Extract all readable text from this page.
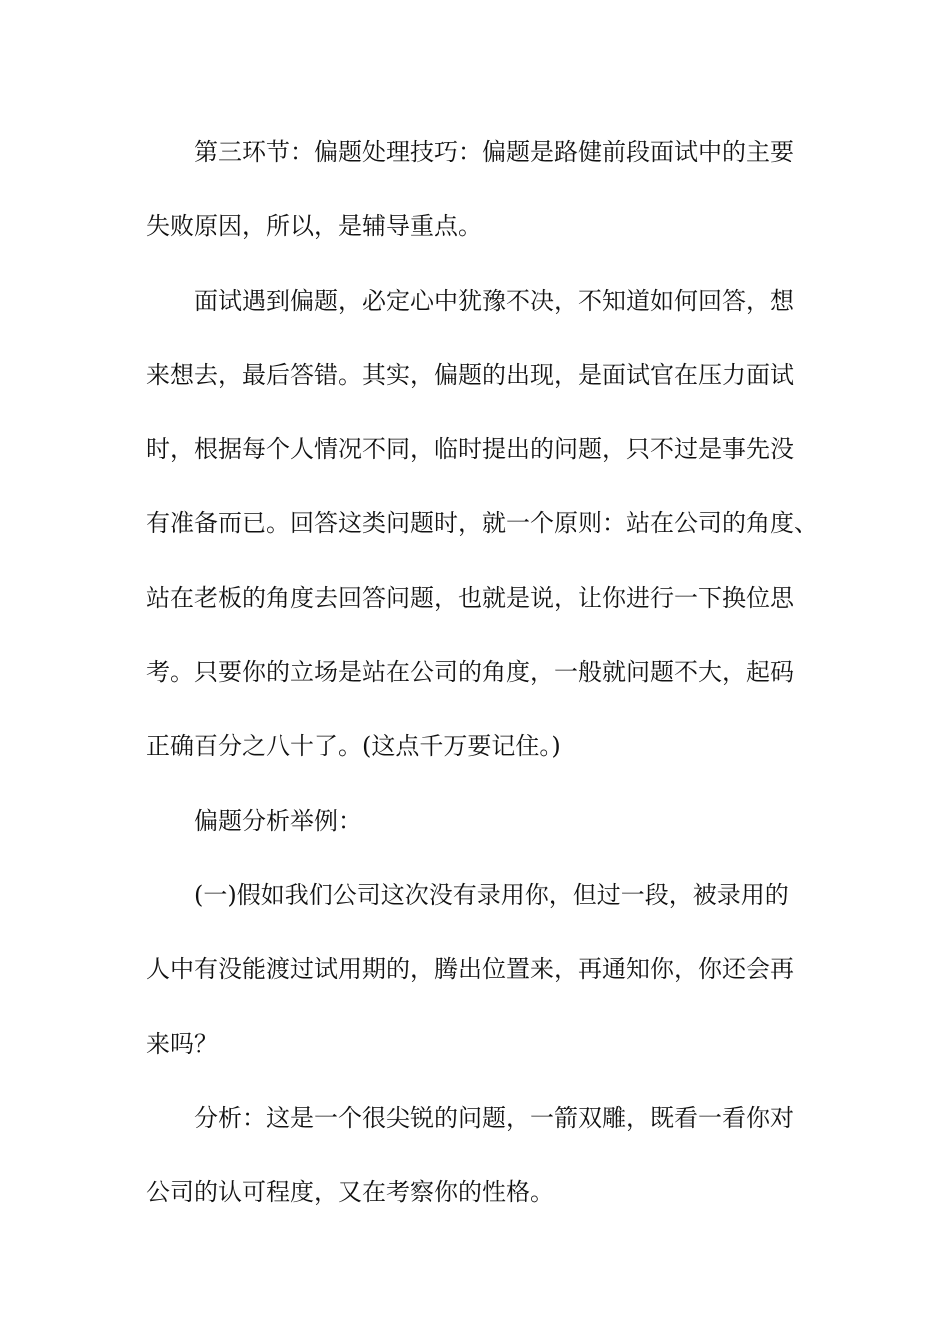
第三环节：偏题处理技巧：偏题是路健前段面试中的主要

失败原因，所以，是辅导重点。

面试遇到偏题，必定心中犹豫不决，不知道如何回答，想

来想去，最后答错。其实，偏题的出现，是面试官在压力面试

时，根据每个人情况不同，临时提出的问题，只不过是事先没

有准备而已。回答这类问题时，就一个原则：站在公司的角度、

站在老板的角度去回答问题，也就是说，让你进行一下换位思

考。只要你的立场是站在公司的角度，一般就问题不大，起码

正确百分之八十了。(这点千万要记住。)

偏题分析举例：

(一)假如我们公司这次没有录用你，但过一段，被录用的

人中有没能渡过试用期的，腾出位置来，再通知你，你还会再

来吗？

分析：这是一个很尖锐的问题，一箭双雕，既看一看你对

公司的认可程度，又在考察你的性格。
